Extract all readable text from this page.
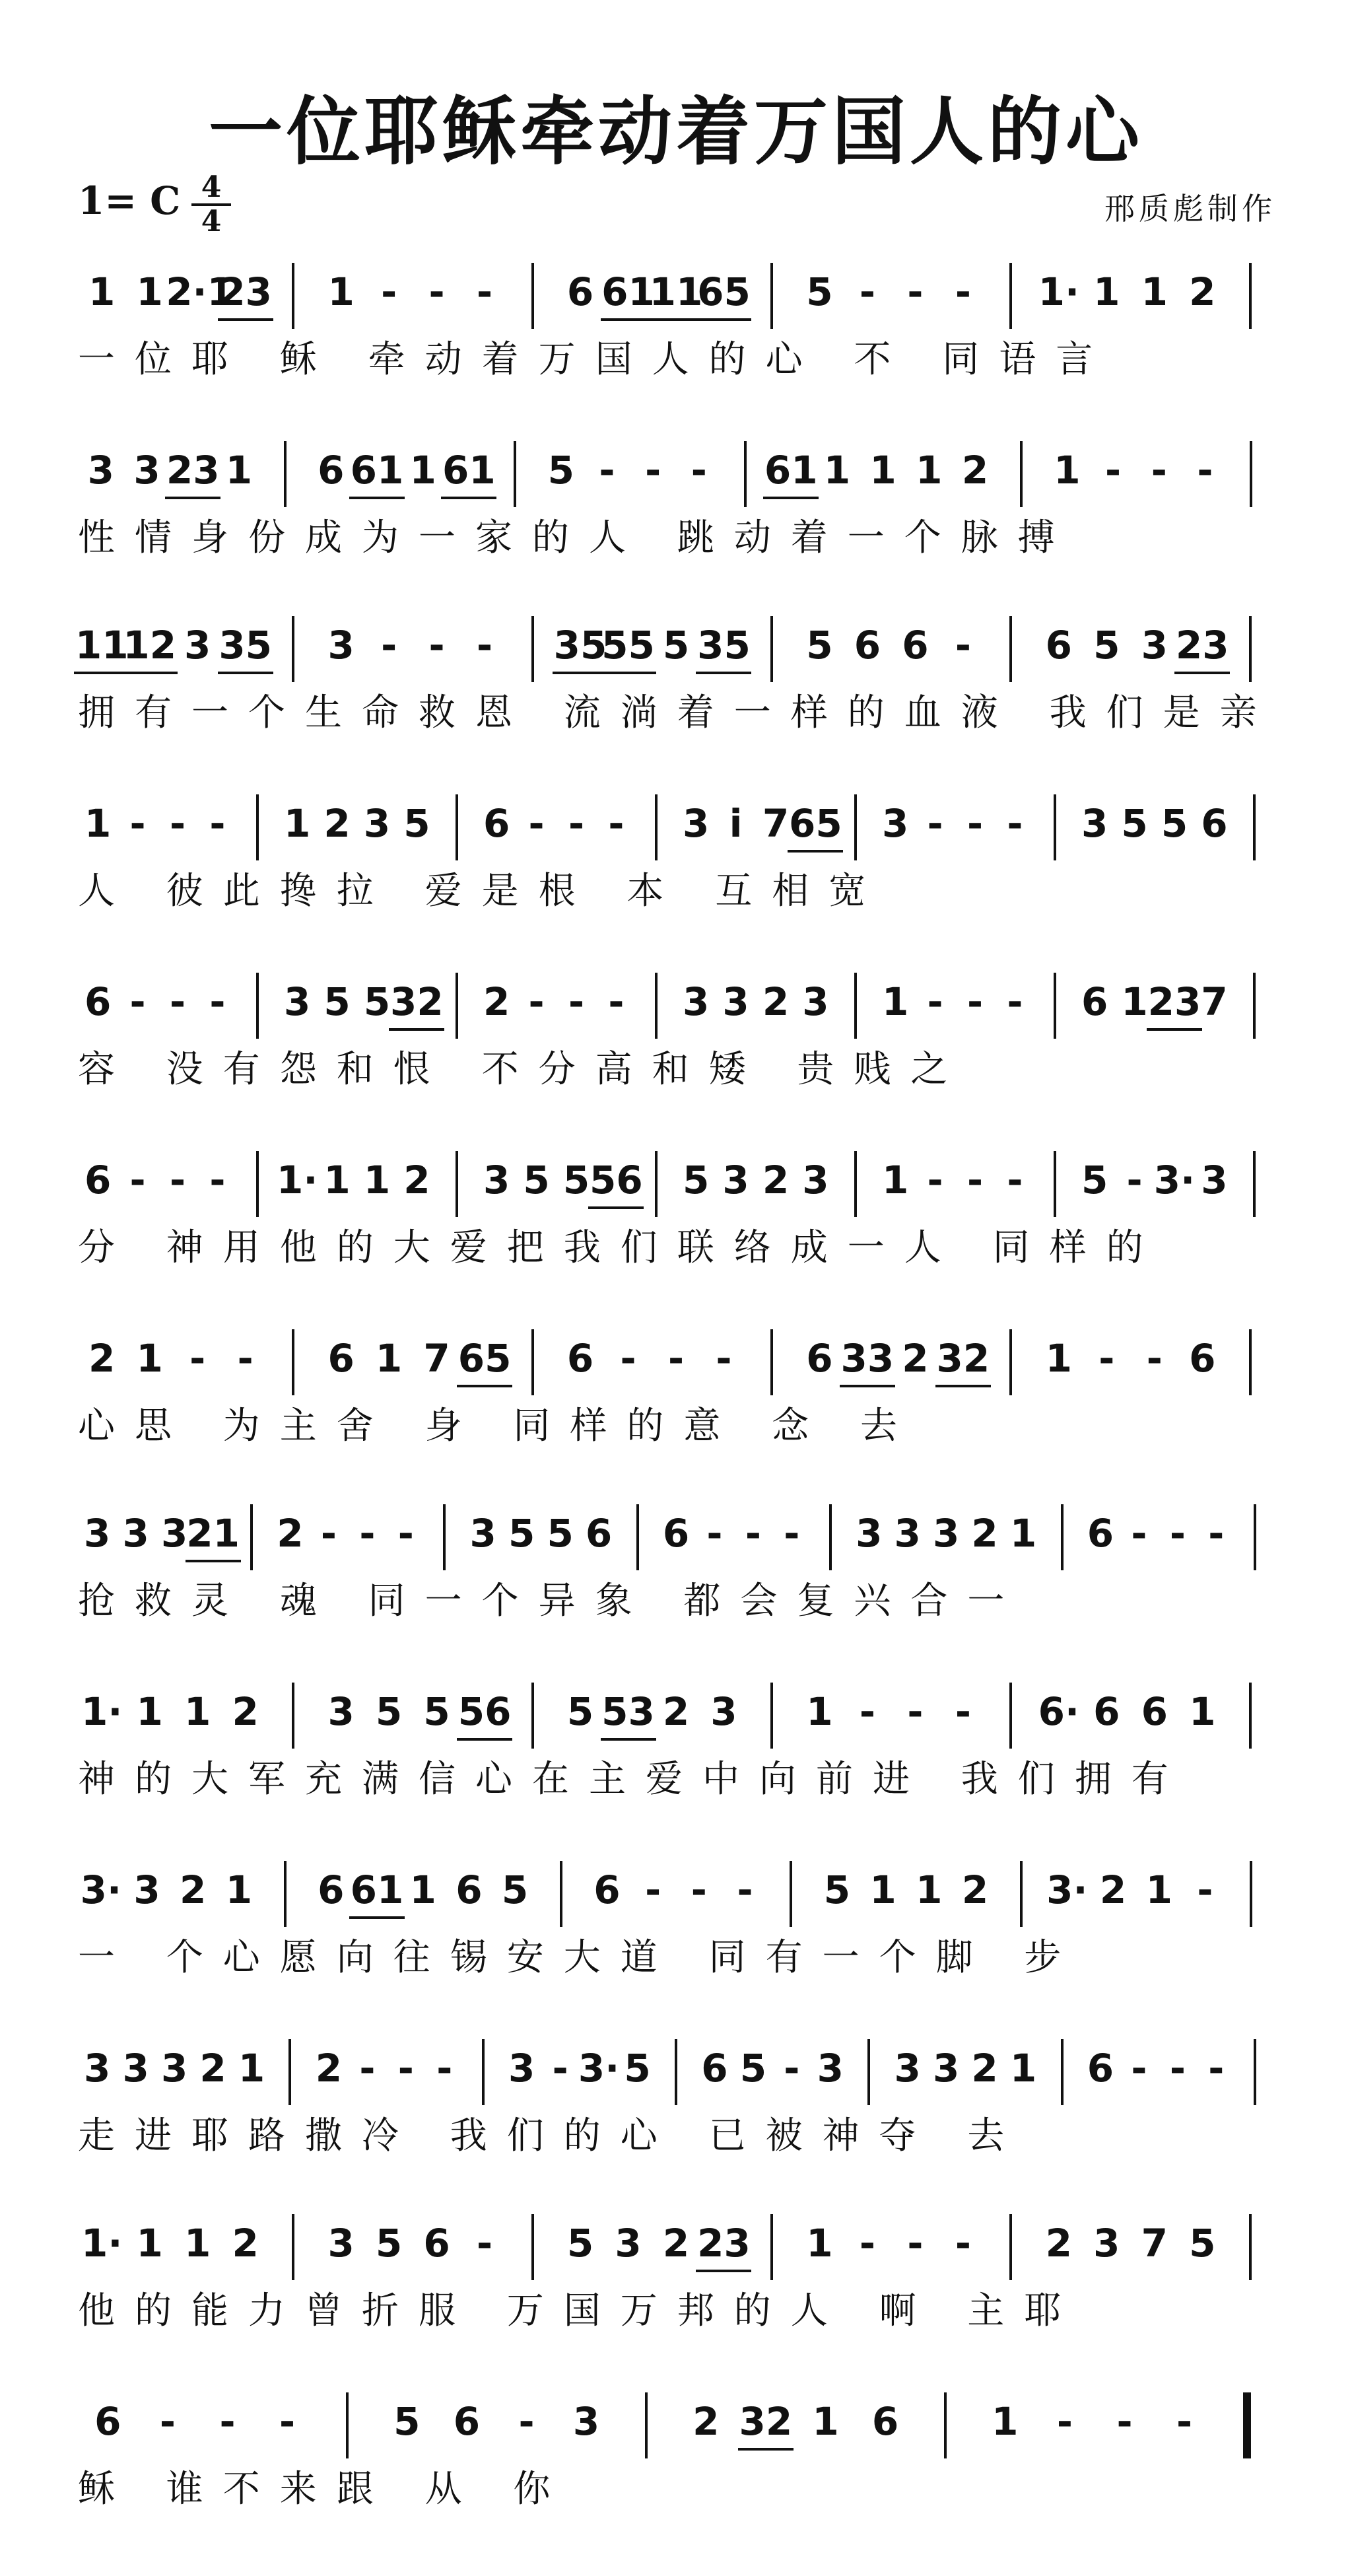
一位耶稣牵动着万国人的心
1= C 4
4	邢质彪制作
1 1 2·1
23 1 - - - 6 61
11
65 5 - - - 1· 1 1 2
一位耶 稣 牵动着万国人的心 不 同语言
3 3 23 1 6 61 1 61 5 - - - 61 1 1 1 2 1 - - -
性情身份成为一家的人 跳动着一个脉搏
11
12 3 35 3 - - - 35
55 5 35 5 6 6 - 6 5 3 23
拥有一个生命救恩 流淌着一样的血液 我们是亲
1 - - - 1 2 3 5 6 - - - 3 i 7 65 3 - - - 3 5 5 6
人 彼此搀拉 爱是根 本 互相宽
6 - - - 3 5 5 32 2 - - - 3 3 2 3 1 - - - 6 1 23 7
容 没有怨和恨 不分高和矮 贵贱之
6 - - - 1· 1 1 2 3 5 5 56 5 3 2 3 1 - - - 5 - 3· 3
分 神用他的大爱把我们联络成一人 同样的
2 1 - - 6 1 7 65 6 - - - 6 33 2 32 1 - - 6
心思 为主舍 身 同样的意 念 去
3 3 3
21 2 - - - 3 5 5 6 6 - - - 3 3 3 2 1 6 - - -
抢救灵 魂 同一个异象 都会复兴合一
1· 1 1 2 3 5 5 56 5 53 2 3 1 - - - 6· 6 6 1
神的大军充满信心在主爱中向前进 我们拥有
3· 3 2 1 6 61 1 6 5 6 - - - 5 1 1 2 3· 2 1 -
一 个心愿向往锡安大道 同有一个脚 步
3 3 3 2 1 2 - - - 3 - 3· 5 6 5 - 3 3 3 2 1 6 - - -
走进耶路撒冷 我们的心 已被神夺 去
1· 1 1 2 3 5 6 - 5 3 2 23 1 - - - 2 3 7 5
他的能力曾折服 万国万邦的人 啊 主耶
6 - - -	5 6 - 3 2 32 1 6 1 - - -
稣 谁不来跟 从 你
